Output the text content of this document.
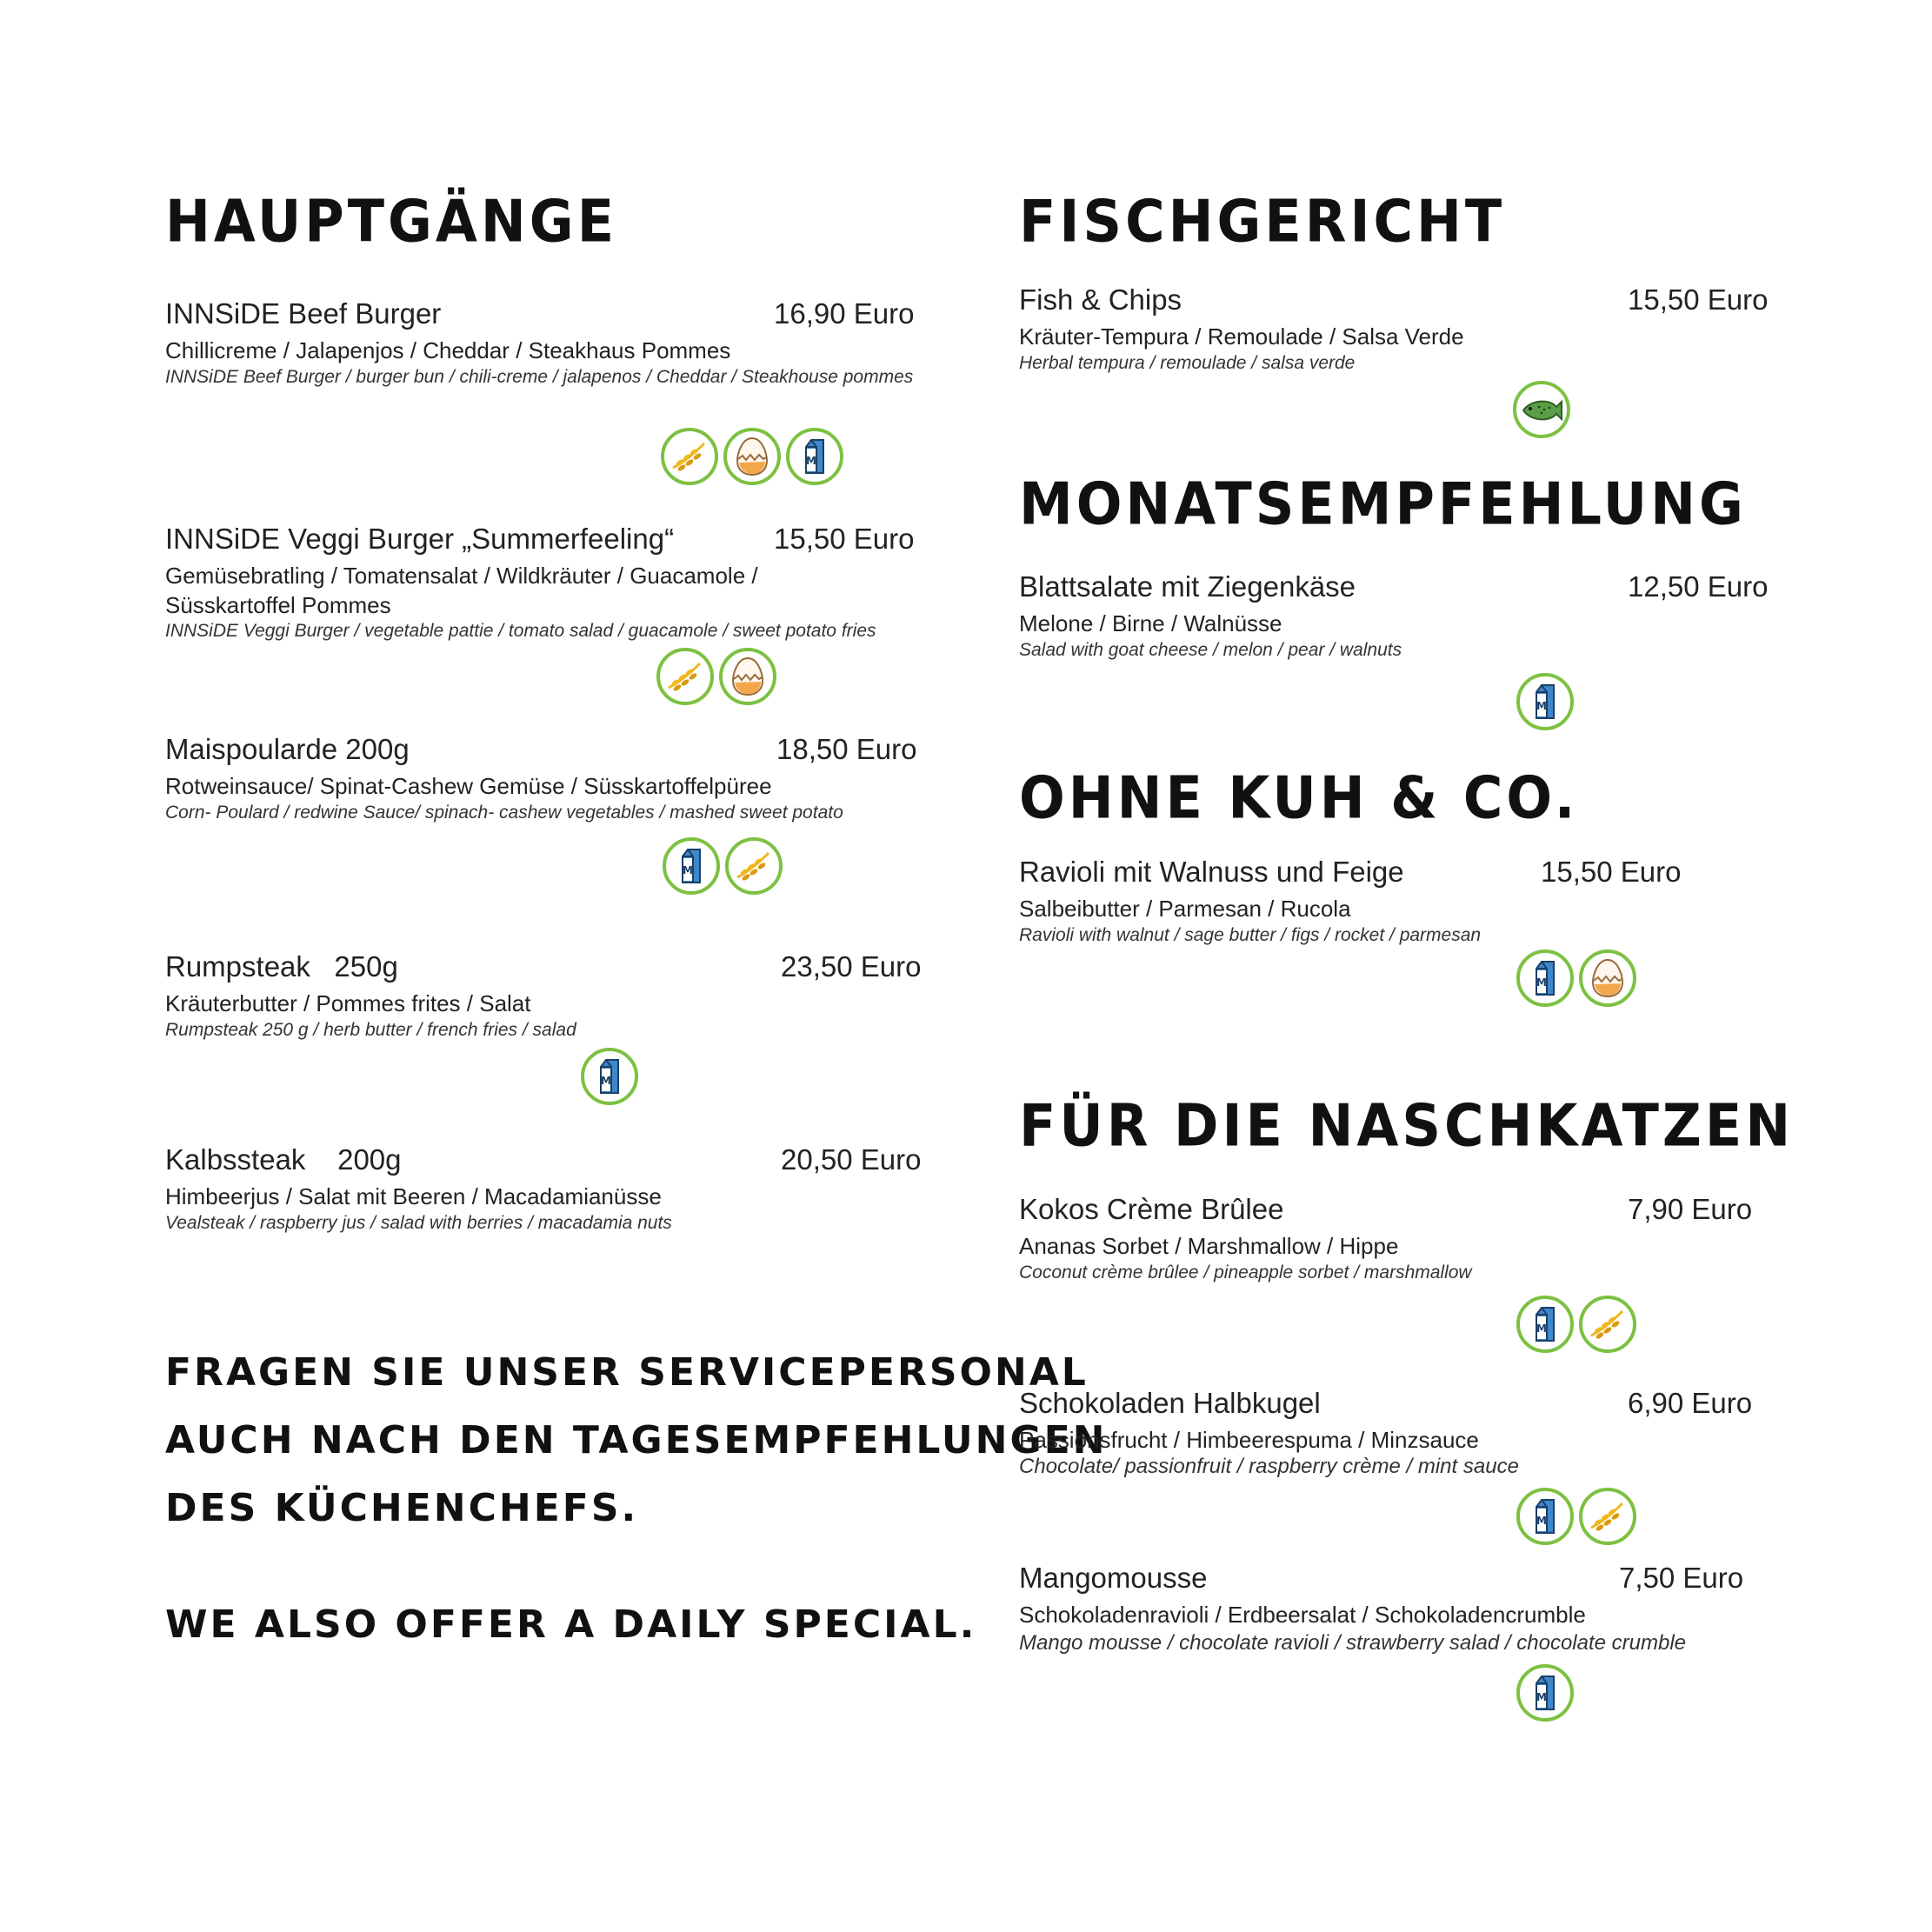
HAUPTGÄNGE
INNSiDE Beef Burger	16,90 Euro

Chillicreme / Jalapenjos / Cheddar / Steakhaus Pommes

INNSiDE Beef Burger / burger bun / chili-creme / jalapenos / Cheddar / Steakhouse pommes

M
INNSiDE Veggi Burger „Summerfeeling“	15,50 Euro

Gemüsebratling / Tomatensalat / Wildkräuter / Guacamole / Süsskartoffel Pommes

INNSiDE Veggi Burger / vegetable pattie / tomato salad / guacamole / sweet potato fries

Maispoularde 200g	18,50 Euro

Rotweinsauce/ Spinat-Cashew Gemüse / Süsskartoffelpüree

Corn- Poulard / redwine Sauce/ spinach- cashew vegetables / mashed sweet potato

M
Rumpsteak   250g	23,50 Euro

Kräuterbutter / Pommes frites / Salat

Rumpsteak 250 g / herb butter / french fries / salad

M
Kalbssteak    200g	20,50 Euro

Himbeerjus / Salat mit Beeren / Macadamianüsse

Vealsteak / raspberry jus / salad with berries / macadamia nuts

FRAGEN SIE UNSER SERVICEPERSONAL

AUCH NACH DEN TAGESEMPFEHLUNGEN

DES KÜCHENCHEFS.

WE ALSO OFFER A DAILY SPECIAL.

FISCHGERICHT
Fish & Chips	15,50 Euro

Kräuter-Tempura / Remoulade / Salsa Verde

Herbal tempura / remoulade / salsa verde

MONATSEMPFEHLUNG
Blattsalate mit Ziegenkäse	12,50 Euro

Melone / Birne / Walnüsse

Salad with goat cheese / melon / pear / walnuts

M
OHNE KUH & CO.
Ravioli mit Walnuss und Feige	15,50 Euro

Salbeibutter / Parmesan / Rucola

Ravioli with walnut / sage butter / figs / rocket / parmesan

M
FÜR DIE NASCHKATZEN
Kokos Crème Brûlee	7,90 Euro

Ananas Sorbet / Marshmallow / Hippe

Coconut crème brûlee / pineapple sorbet / marshmallow

M
Schokoladen Halbkugel	6,90 Euro

Passionsfrucht / Himbeerespuma / Minzsauce

Chocolate/ passionfruit / raspberry crème / mint sauce

M
Mangomousse	7,50 Euro

Schokoladenravioli / Erdbeersalat / Schokoladencrumble

Mango mousse / chocolate ravioli / strawberry salad / chocolate crumble

M
